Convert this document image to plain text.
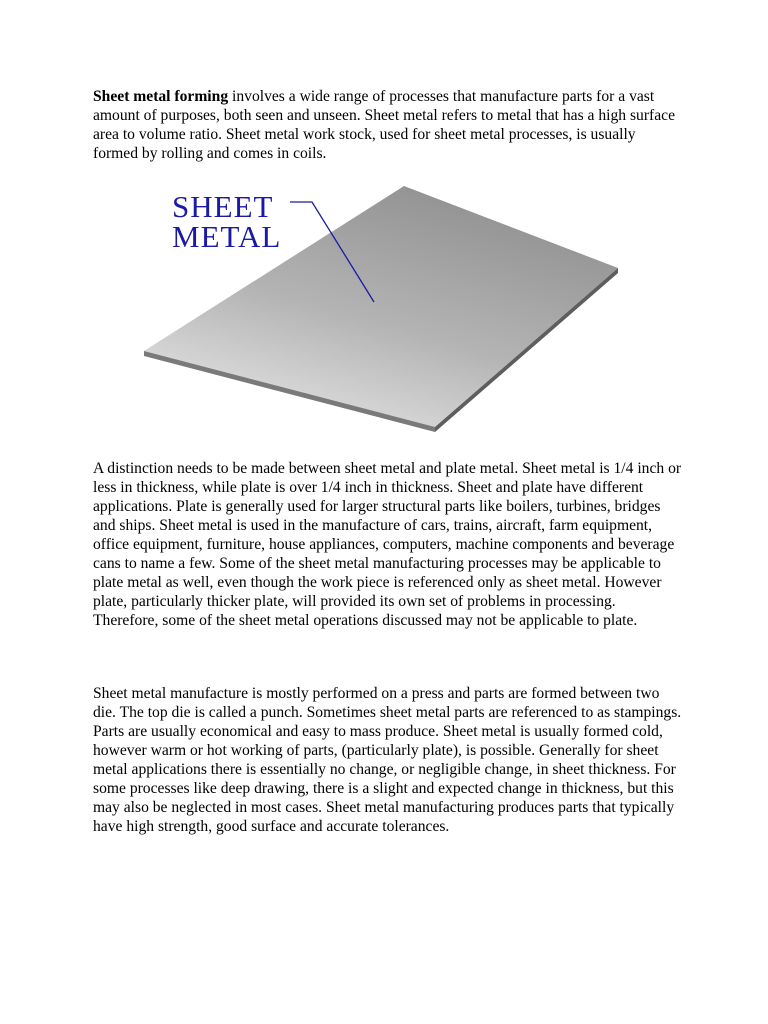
Sheet metal forming involves a wide range of processes that manufacture parts for a vast amount of purposes, both seen and unseen. Sheet metal refers to metal that has a high surface area to volume ratio. Sheet metal work stock, used for sheet metal processes, is usually formed by rolling and comes in coils.

SHEET
METAL

A distinction needs to be made between sheet metal and plate metal. Sheet metal is 1/4 inch or less in thickness, while plate is over 1/4 inch in thickness. Sheet and plate have different applications. Plate is generally used for larger structural parts like boilers, turbines, bridges and ships. Sheet metal is used in the manufacture of cars, trains, aircraft, farm equipment, office equipment, furniture, house appliances, computers, machine components and beverage cans to name a few. Some of the sheet metal manufacturing processes may be applicable to plate metal as well, even though the work piece is referenced only as sheet metal. However plate, particularly thicker plate, will provided its own set of problems in processing. Therefore, some of the sheet metal operations discussed may not be applicable to plate.

Sheet metal manufacture is mostly performed on a press and parts are formed between two die. The top die is called a punch. Sometimes sheet metal parts are referenced to as stampings. Parts are usually economical and easy to mass produce. Sheet metal is usually formed cold, however warm or hot working of parts, (particularly plate), is possible. Generally for sheet metal applications there is essentially no change, or negligible change, in sheet thickness. For some processes like deep drawing, there is a slight and expected change in thickness, but this may also be neglected in most cases. Sheet metal manufacturing produces parts that typically have high strength, good surface and accurate tolerances.
